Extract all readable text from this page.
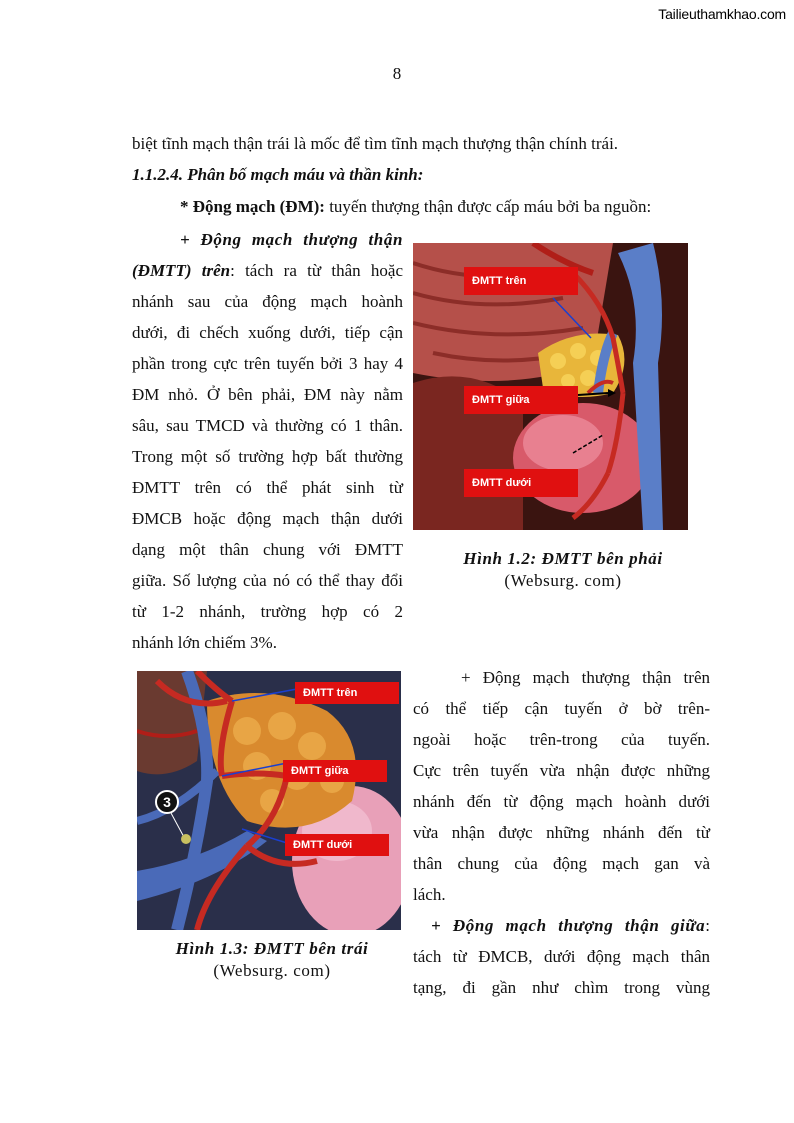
Tailieuthamkhao.com
8
biệt tĩnh mạch thận trái là mốc để tìm tĩnh mạch thượng thận chính trái.
1.1.2.4. Phân bố mạch máu và thần kinh:
* Động mạch (ĐM): tuyến thượng thận được cấp máu bởi ba nguồn:

+ Động mạch thượng thận

(ĐMTT) trên: tách ra từ thân hoặc

nhánh sau của động mạch hoành

dưới, đi chếch xuống dưới, tiếp cận

phần trong cực trên tuyến bởi 3 hay 4

ĐM nhỏ. Ở bên phải, ĐM này nằm

sâu, sau TMCD và thường có 1 thân.

Trong một số trường hợp bất thường

ĐMTT trên có thể phát sinh từ

ĐMCB hoặc động mạch thận dưới

dạng một thân chung với ĐMTT

giữa. Số lượng của nó có thể thay đổi

từ 1-2 nhánh, trường hợp có 2

nhánh lớn chiếm 3%.

ĐMTT trên
ĐMTT giữa
ĐMTT dưới
Hình 1.2: ĐMTT bên phải
(Websurg. com)
ĐMTT trên
ĐMTT giữa
ĐMTT dưới
3
Hình 1.3: ĐMTT bên trái
(Websurg. com)

+ Động mạch thượng thận trên

có thể tiếp cận tuyến ở bờ trên-

ngoài hoặc trên-trong của tuyến.

Cực trên tuyến vừa nhận được những

nhánh đến từ động mạch hoành dưới

vừa nhận được những nhánh đến từ

thân chung của động mạch gan và

lách.

+ Động mạch thượng thận giữa:

tách từ ĐMCB, dưới động mạch thân

tạng, đi gần như chìm trong vùng
